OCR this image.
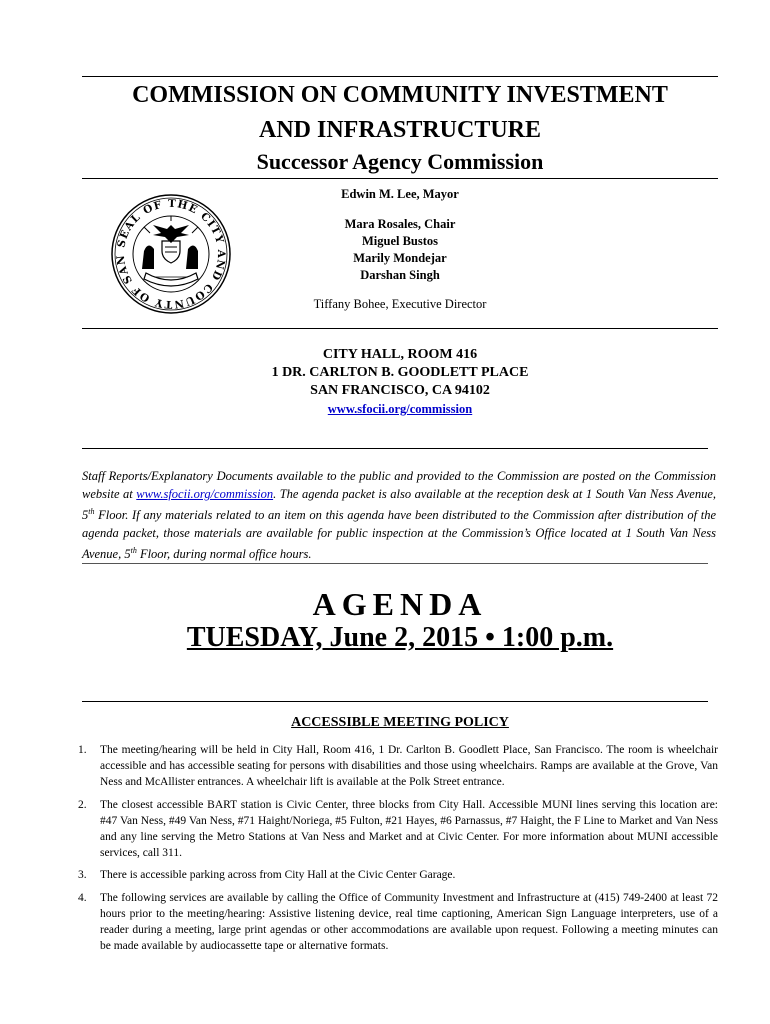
COMMISSION ON COMMUNITY INVESTMENT
AND INFRASTRUCTURE
Successor Agency Commission
SEAL OF THE CITY AND COUNTY OF SAN
Edwin M. Lee, Mayor
Mara Rosales, Chair
Miguel Bustos
Marily Mondejar
Darshan Singh
Tiffany Bohee, Executive Director
CITY HALL, ROOM 416
1 DR. CARLTON B. GOODLETT PLACE
SAN FRANCISCO, CA 94102
www.sfocii.org/commission
Staff Reports/Explanatory Documents available to the public and provided to the Commission are posted on the Commission website at www.sfocii.org/commission. The agenda packet is also available at the reception desk at 1 South Van Ness Avenue, 5th Floor. If any materials related to an item on this agenda have been distributed to the Commission after distribution of the agenda packet, those materials are available for public inspection at the Commission’s Office located at 1 South Van Ness Avenue, 5th Floor, during normal office hours.
AGENDA
TUESDAY, June 2, 2015 • 1:00 p.m.
ACCESSIBLE MEETING POLICY
1.	The meeting/hearing will be held in City Hall, Room 416, 1 Dr. Carlton B. Goodlett Place, San Francisco. The room is wheelchair accessible and has accessible seating for persons with disabilities and those using wheelchairs. Ramps are available at the Grove, Van Ness and McAllister entrances. A wheelchair lift is available at the Polk Street entrance.
2.	The closest accessible BART station is Civic Center, three blocks from City Hall. Accessible MUNI lines serving this location are: #47 Van Ness, #49 Van Ness, #71 Haight/Noriega, #5 Fulton, #21 Hayes, #6 Parnassus, #7 Haight, the F Line to Market and Van Ness and any line serving the Metro Stations at Van Ness and Market and at Civic Center. For more information about MUNI accessible services, call 311.
3.	There is accessible parking across from City Hall at the Civic Center Garage.
4.	The following services are available by calling the Office of Community Investment and Infrastructure at (415) 749-2400 at least 72 hours prior to the meeting/hearing: Assistive listening device, real time captioning, American Sign Language interpreters, use of a reader during a meeting, large print agendas or other accommodations are available upon request. Following a meeting minutes can be made available by audiocassette tape or alternative formats.
